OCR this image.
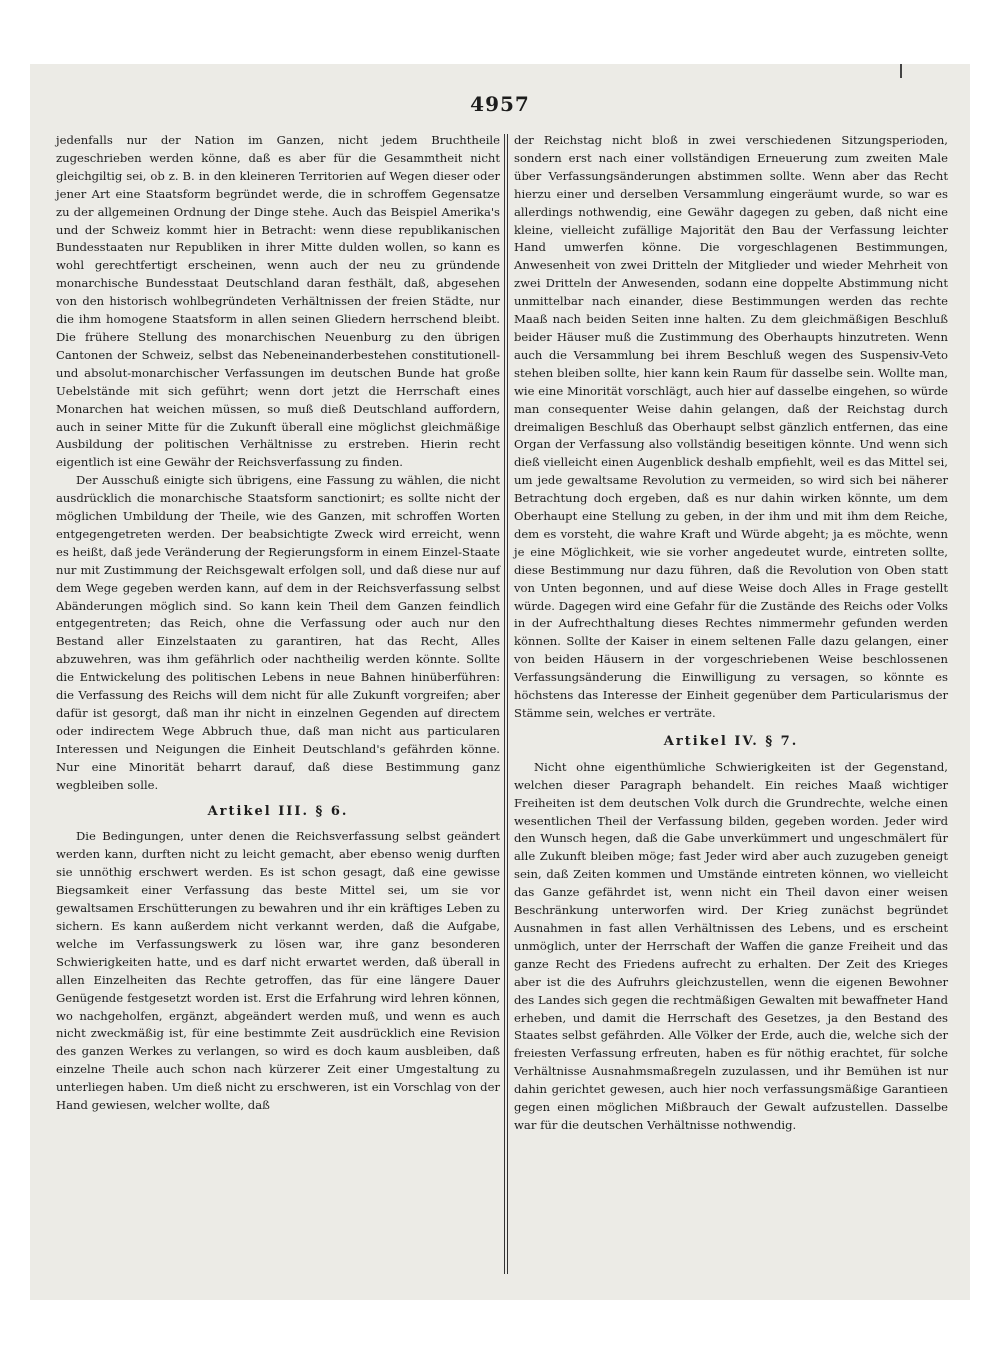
4957

jedenfalls nur der Nation im Ganzen, nicht jedem Bruchtheile zugeschrieben werden könne, daß es aber für die Gesammtheit nicht gleichgiltig sei, ob z. B. in den kleineren Territorien auf Wegen dieser oder jener Art eine Staatsform begründet werde, die in schroffem Gegensatze zu der allgemeinen Ordnung der Dinge stehe. Auch das Beispiel Amerika's und der Schweiz kommt hier in Betracht: wenn diese republikanischen Bundesstaaten nur Republiken in ihrer Mitte dulden wollen, so kann es wohl gerechtfertigt erscheinen, wenn auch der neu zu gründende monarchische Bundesstaat Deutschland daran festhält, daß, abgesehen von den historisch wohlbegründeten Verhältnissen der freien Städte, nur die ihm homogene Staatsform in allen seinen Gliedern herrschend bleibt. Die frühere Stellung des monarchischen Neuenburg zu den übrigen Cantonen der Schweiz, selbst das Nebeneinanderbestehen constitutionell- und absolut-monarchischer Verfassungen im deutschen Bunde hat große Uebelstände mit sich geführt; wenn dort jetzt die Herrschaft eines Monarchen hat weichen müssen, so muß dieß Deutschland auffordern, auch in seiner Mitte für die Zukunft überall eine möglichst gleichmäßige Ausbildung der politischen Verhältnisse zu erstreben. Hierin recht eigentlich ist eine Gewähr der Reichsverfassung zu finden.

Der Ausschuß einigte sich übrigens, eine Fassung zu wählen, die nicht ausdrücklich die monarchische Staatsform sanctionirt; es sollte nicht der möglichen Umbildung der Theile, wie des Ganzen, mit schroffen Worten entgegengetreten werden. Der beabsichtigte Zweck wird erreicht, wenn es heißt, daß jede Veränderung der Regierungsform in einem Einzel-Staate nur mit Zustimmung der Reichsgewalt erfolgen soll, und daß diese nur auf dem Wege gegeben werden kann, auf dem in der Reichsverfassung selbst Abänderungen möglich sind. So kann kein Theil dem Ganzen feindlich entgegentreten; das Reich, ohne die Verfassung oder auch nur den Bestand aller Einzelstaaten zu garantiren, hat das Recht, Alles abzuwehren, was ihm gefährlich oder nachtheilig werden könnte. Sollte die Entwickelung des politischen Lebens in neue Bahnen hinüberführen: die Verfassung des Reichs will dem nicht für alle Zukunft vorgreifen; aber dafür ist gesorgt, daß man ihr nicht in einzelnen Gegenden auf directem oder indirectem Wege Abbruch thue, daß man nicht aus particularen Interessen und Neigungen die Einheit Deutschland's gefährden könne. Nur eine Minorität beharrt darauf, daß diese Bestimmung ganz wegbleiben solle.

Artikel III. § 6.

Die Bedingungen, unter denen die Reichsverfassung selbst geändert werden kann, durften nicht zu leicht gemacht, aber ebenso wenig durften sie unnöthig erschwert werden. Es ist schon gesagt, daß eine gewisse Biegsamkeit einer Verfassung das beste Mittel sei, um sie vor gewaltsamen Erschütterungen zu bewahren und ihr ein kräftiges Leben zu sichern. Es kann außerdem nicht verkannt werden, daß die Aufgabe, welche im Verfassungswerk zu lösen war, ihre ganz besonderen Schwierigkeiten hatte, und es darf nicht erwartet werden, daß überall in allen Einzelheiten das Rechte getroffen, das für eine längere Dauer Genügende festgesetzt worden ist. Erst die Erfahrung wird lehren können, wo nachgeholfen, ergänzt, abgeändert werden muß, und wenn es auch nicht zweckmäßig ist, für eine bestimmte Zeit ausdrücklich eine Revision des ganzen Werkes zu verlangen, so wird es doch kaum ausbleiben, daß einzelne Theile auch schon nach kürzerer Zeit einer Umgestaltung zu unterliegen haben. Um dieß nicht zu erschweren, ist ein Vorschlag von der Hand gewiesen, welcher wollte, daß

der Reichstag nicht bloß in zwei verschiedenen Sitzungsperioden, sondern erst nach einer vollständigen Erneuerung zum zweiten Male über Verfassungsänderungen abstimmen sollte. Wenn aber das Recht hierzu einer und derselben Versammlung eingeräumt wurde, so war es allerdings nothwendig, eine Gewähr dagegen zu geben, daß nicht eine kleine, vielleicht zufällige Majorität den Bau der Verfassung leichter Hand umwerfen könne. Die vorgeschlagenen Bestimmungen, Anwesenheit von zwei Dritteln der Mitglieder und wieder Mehrheit von zwei Dritteln der Anwesenden, sodann eine doppelte Abstimmung nicht unmittelbar nach einander, diese Bestimmungen werden das rechte Maaß nach beiden Seiten inne halten. Zu dem gleichmäßigen Beschluß beider Häuser muß die Zustimmung des Oberhaupts hinzutreten. Wenn auch die Versammlung bei ihrem Beschluß wegen des Suspensiv-Veto stehen bleiben sollte, hier kann kein Raum für dasselbe sein. Wollte man, wie eine Minorität vorschlägt, auch hier auf dasselbe eingehen, so würde man consequenter Weise dahin gelangen, daß der Reichstag durch dreimaligen Beschluß das Oberhaupt selbst gänzlich entfernen, das eine Organ der Verfassung also vollständig beseitigen könnte. Und wenn sich dieß vielleicht einen Augenblick deshalb empfiehlt, weil es das Mittel sei, um jede gewaltsame Revolution zu vermeiden, so wird sich bei näherer Betrachtung doch ergeben, daß es nur dahin wirken könnte, um dem Oberhaupt eine Stellung zu geben, in der ihm und mit ihm dem Reiche, dem es vorsteht, die wahre Kraft und Würde abgeht; ja es möchte, wenn je eine Möglichkeit, wie sie vorher angedeutet wurde, eintreten sollte, diese Bestimmung nur dazu führen, daß die Revolution von Oben statt von Unten begonnen, und auf diese Weise doch Alles in Frage gestellt würde. Dagegen wird eine Gefahr für die Zustände des Reichs oder Volks in der Aufrechthaltung dieses Rechtes nimmermehr gefunden werden können. Sollte der Kaiser in einem seltenen Falle dazu gelangen, einer von beiden Häusern in der vorgeschriebenen Weise beschlossenen Verfassungsänderung die Einwilligung zu versagen, so könnte es höchstens das Interesse der Einheit gegenüber dem Particularismus der Stämme sein, welches er verträte.

Artikel IV. § 7.

Nicht ohne eigenthümliche Schwierigkeiten ist der Gegenstand, welchen dieser Paragraph behandelt. Ein reiches Maaß wichtiger Freiheiten ist dem deutschen Volk durch die Grundrechte, welche einen wesentlichen Theil der Verfassung bilden, gegeben worden. Jeder wird den Wunsch hegen, daß die Gabe unverkümmert und ungeschmälert für alle Zukunft bleiben möge; fast Jeder wird aber auch zuzugeben geneigt sein, daß Zeiten kommen und Umstände eintreten können, wo vielleicht das Ganze gefährdet ist, wenn nicht ein Theil davon einer weisen Beschränkung unterworfen wird. Der Krieg zunächst begründet Ausnahmen in fast allen Verhältnissen des Lebens, und es erscheint unmöglich, unter der Herrschaft der Waffen die ganze Freiheit und das ganze Recht des Friedens aufrecht zu erhalten. Der Zeit des Krieges aber ist die des Aufruhrs gleichzustellen, wenn die eigenen Bewohner des Landes sich gegen die rechtmäßigen Gewalten mit bewaffneter Hand erheben, und damit die Herrschaft des Gesetzes, ja den Bestand des Staates selbst gefährden. Alle Völker der Erde, auch die, welche sich der freiesten Verfassung erfreuten, haben es für nöthig erachtet, für solche Verhältnisse Ausnahmsmaßregeln zuzulassen, und ihr Bemühen ist nur dahin gerichtet gewesen, auch hier noch verfassungsmäßige Garantieen gegen einen möglichen Mißbrauch der Gewalt aufzustellen. Dasselbe war für die deutschen Verhältnisse nothwendig.
